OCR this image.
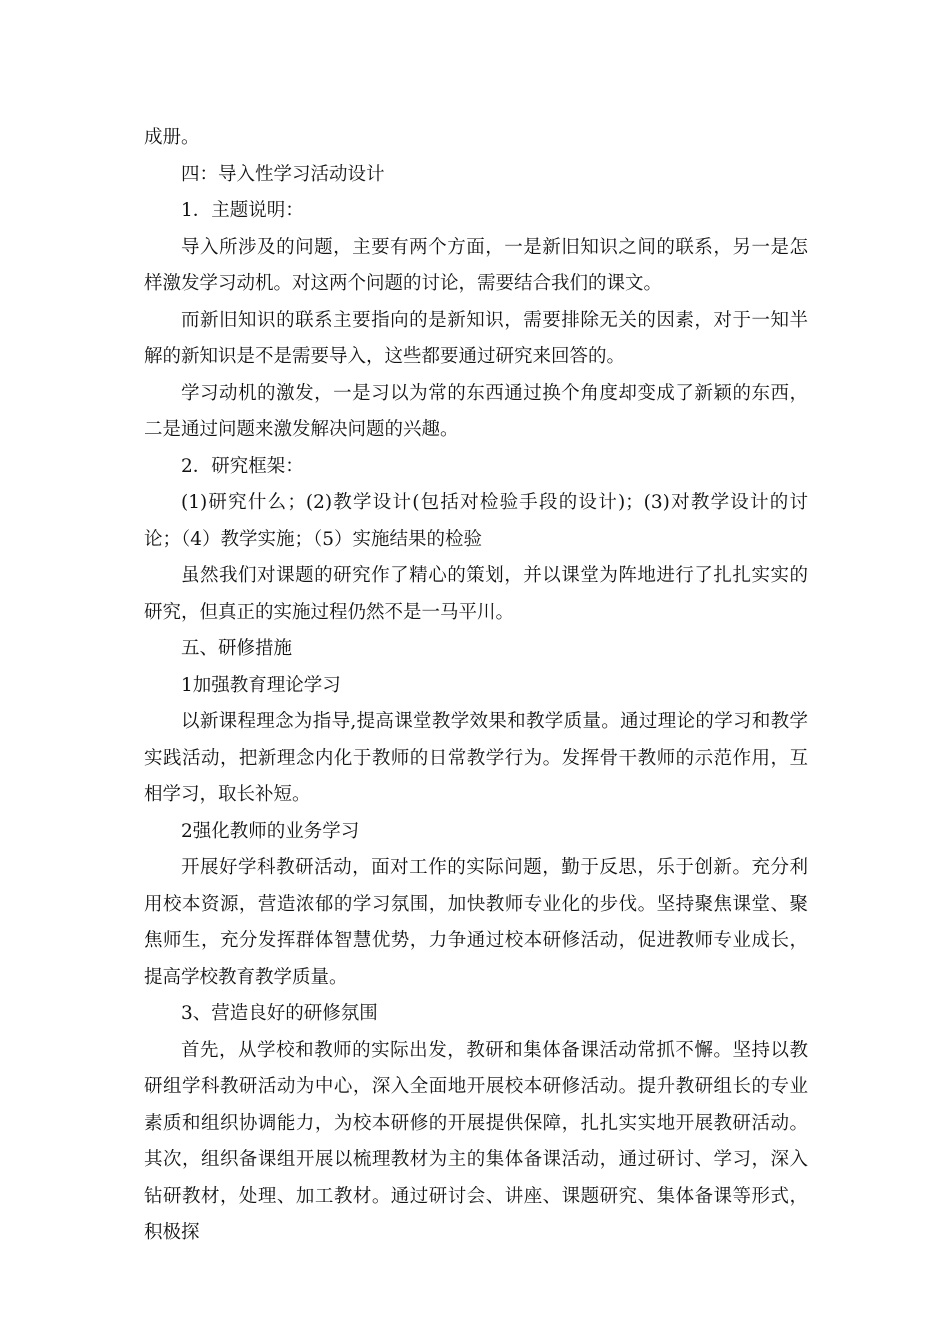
成册。

四：导入性学习活动设计

1．主题说明：

导入所涉及的问题，主要有两个方面，一是新旧知识之间的联系，另一是怎样激发学习动机。对这两个问题的讨论，需要结合我们的课文。

而新旧知识的联系主要指向的是新知识，需要排除无关的因素，对于一知半解的新知识是不是需要导入，这些都要通过研究来回答的。

学习动机的激发，一是习以为常的东西通过换个角度却变成了新颖的东西，二是通过问题来激发解决问题的兴趣。

2．研究框架：

(1)研究什么；(2)教学设计(包括对检验手段的设计)；(3)对教学设计的讨论；（4）教学实施；（5）实施结果的检验

虽然我们对课题的研究作了精心的策划，并以课堂为阵地进行了扎扎实实的研究，但真正的实施过程仍然不是一马平川。

五、研修措施

1加强教育理论学习

以新课程理念为指导,提高课堂教学效果和教学质量。通过理论的学习和教学实践活动，把新理念内化于教师的日常教学行为。发挥骨干教师的示范作用，互相学习，取长补短。

2强化教师的业务学习

开展好学科教研活动，面对工作的实际问题，勤于反思，乐于创新。充分利用校本资源，营造浓郁的学习氛围，加快教师专业化的步伐。坚持聚焦课堂、聚焦师生，充分发挥群体智慧优势，力争通过校本研修活动，促进教师专业成长，提高学校教育教学质量。

3、营造良好的研修氛围

首先，从学校和教师的实际出发，教研和集体备课活动常抓不懈。坚持以教研组学科教研活动为中心，深入全面地开展校本研修活动。提升教研组长的专业素质和组织协调能力，为校本研修的开展提供保障，扎扎实实地开展教研活动。其次，组织备课组开展以梳理教材为主的集体备课活动，通过研讨、学习，深入钻研教材，处理、加工教材。通过研讨会、讲座、课题研究、集体备课等形式，积极探
